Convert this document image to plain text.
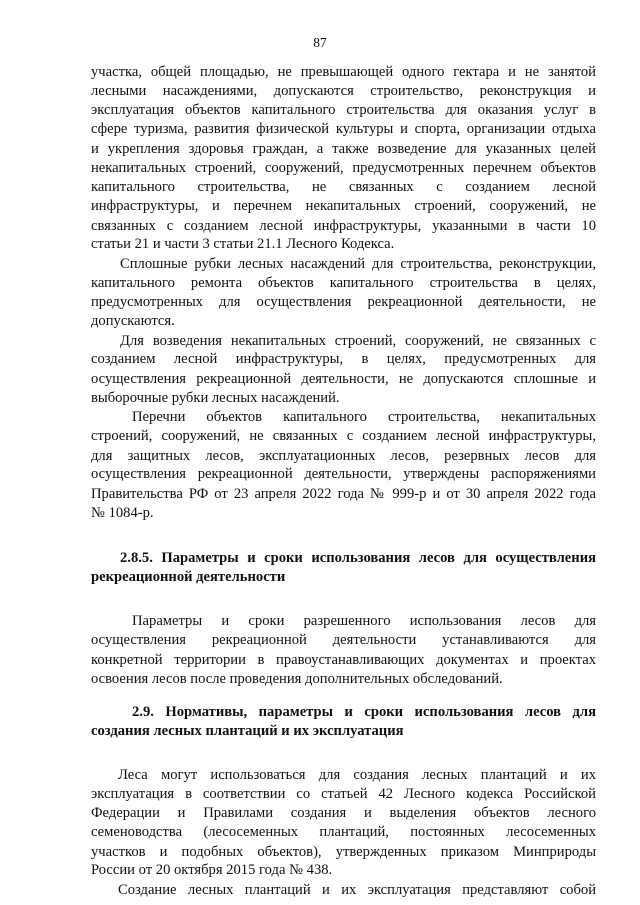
87
участка, общей площадью, не превышающей одного гектара и не занятой
лесными насаждениями, допускаются строительство, реконструкция и
эксплуатация объектов капитального строительства для оказания услуг в
сфере туризма, развития физической культуры и спорта, организации отдыха
и укрепления здоровья граждан, а также возведение для указанных целей
некапитальных строений, сооружений, предусмотренных перечнем объектов
капитального строительства, не связанных с созданием лесной
инфраструктуры, и перечнем некапитальных строений, сооружений, не
связанных с созданием лесной инфраструктуры, указанными в части 10
статьи 21 и части 3 статьи 21.1 Лесного Кодекса.
Сплошные рубки лесных насаждений для строительства, реконструкции,
капитального ремонта объектов капитального строительства в целях,
предусмотренных для осуществления рекреационной деятельности, не
допускаются.
Для возведения некапитальных строений, сооружений, не связанных с
созданием лесной инфраструктуры, в целях, предусмотренных для
осуществления рекреационной деятельности, не допускаются сплошные и
выборочные рубки лесных насаждений.
Перечни объектов капитального строительства, некапитальных
строений, сооружений, не связанных с созданием лесной инфраструктуры,
для защитных лесов, эксплуатационных лесов, резервных лесов для
осуществления рекреационной деятельности, утверждены распоряжениями
Правительства РФ от 23 апреля 2022 года № 999-р и от 30 апреля 2022 года
№ 1084-р.
2.8.5. Параметры и сроки использования лесов для осуществления
рекреационной деятельности
Параметры и сроки разрешенного использования лесов для
осуществления рекреационной деятельности устанавливаются для
конкретной территории в правоустанавливающих документах и проектах
освоения лесов после проведения дополнительных обследований.
2.9. Нормативы, параметры и сроки использования лесов для
создания лесных плантаций и их эксплуатация
Леса могут использоваться для создания лесных плантаций и их
эксплуатация в соответствии со статьей 42 Лесного кодекса Российской
Федерации и Правилами создания и выделения объектов лесного
семеноводства (лесосеменных плантаций, постоянных лесосеменных
участков и подобных объектов), утвержденных приказом Минприроды
России от 20 октября 2015 года № 438.
Создание лесных плантаций и их эксплуатация представляют собой
